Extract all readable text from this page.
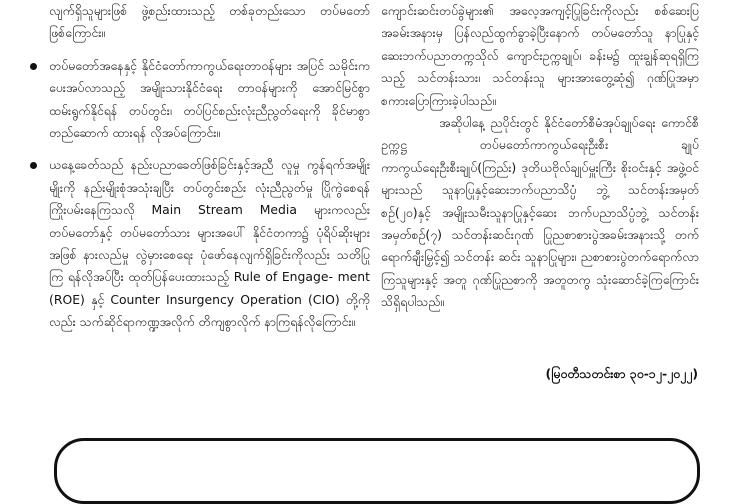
လျက်ရှိသူများဖြစ် ဖွဲ့စည်းထားသည့် တစ်ခုတည်းသော တပ်မတော်ဖြစ်ကြောင်း။

တပ်မတော်အနေနှင့် နိုင်ငံတော်ကာကွယ်ရေးတာဝန်များ အပြင် သမိုင်းကပေးအပ်လာသည့် အမျိုးသားနိုင်ငံရေး တာဝန်များကို အောင်မြင်စွာထမ်းရွက်နိုင်ရန် တပ်တွင်း၊ တပ်ပြင်စည်းလုံးညီညွတ်ရေးကို ခိုင်မာစွာ တည်ဆောက် ထားရန် လိုအပ်ကြောင်း။

ယနေ့ခေတ်သည် နည်းပညာခေတ်ဖြစ်ခြင်းနှင့်အညီ လူမှု ကွန်ရက်အမျိုးမျိုးကို နည်းမျိုးစုံအသုံးချပြီး တပ်တွင်းစည်း လုံးညီညွတ်မှု ပြိုကွဲစေရန်ကြိုးပမ်းနေကြသလို Main Stream Media များကလည်း တပ်မတော်နှင့် တပ်မတော်သား များအပေါ် နိုင်ငံတကာ၌ ပုံရိပ်ဆိုးများအဖြစ် နားလည်မှု လွဲမှားစေရေး ပုံဖော်နေလျက်ရှိခြင်းကိုလည်း သတိပြုကြ ရန်လိုအပ်ပြီး ထုတ်ပြန်ပေးထားသည့် Rule of Engage- ment (ROE) နှင့် Counter Insurgency Operation (CIO) တို့ကိုလည်း သက်ဆိုင်ရာကဏ္ဍအလိုက် တိကျစွာလိုက် နာကြရန်လိုကြောင်း။

ကျောင်းဆင်းတပ်ခွဲများ၏ အလေ့အကျင့်ပြုခြင်းကိုလည်း စစ်ဆေးပြ အခမ်းအနားမှ ပြန်လည်ထွက်ခွာခဲ့ပြီးနောက် တပ်မတော်သူ နာပြုနှင့် ဆေးဘက်ပညာတက္ကသိုလ် ကျောင်းဥက္ကချုပ်၊ ခန်းမ၌ ထူးချွန်ဆုရရှိကြသည့် သင်တန်းသား၊ သင်တန်းသူ များအားတွေ့ဆုံ၍ ဂုဏ်ပြုအမှာစကားပြောကြားခဲ့ပါသည်။

အဆိုပါနေ့ ညပိုင်းတွင် နိုင်ငံတော်စီမံအုပ်ချုပ်ရေး ကောင်စီဥက္ကဋ္ဌ တပ်မတော်ကာကွယ်ရေးဦးစီး ချုပ် ကာကွယ်ရေးဦးစီးချုပ်(ကြည်း) ဒုတိယဗိုလ်ချုပ်မှူးကြီး စိုးဝင်းနှင့် အဖွဲ့ဝင်များသည် သူနာပြုနှင့်ဆေးဘက်ပညာသိပ္ပံ ဘွဲ့ သင်တန်းအမှတ်စဉ်(၂၀)နှင့် အမျိုးသမီးသူနာပြုနှင့်ဆေး ဘက်ပညာသိပ္ပံဘွဲ့ သင်တန်းအမှတ်စဉ်(၇) သင်တန်းဆင်းဂုဏ် ပြုညစာစားပွဲအခမ်းအနားသို့ တက်ရောက်ချီးမြှင့်၍ သင်တန်း ဆင်း သူနာပြုများ၊ ညစာစားပွဲတက်ရောက်လာကြသူများနှင့် အတူ ဂုဏ်ပြုညစာကို အတူတကွ သုံးဆောင်ခဲ့ကြကြောင်း သိရှိရပါသည်။

(မြဝတီသတင်းစာ ၃၀-၁၂-၂၀၂၂)
